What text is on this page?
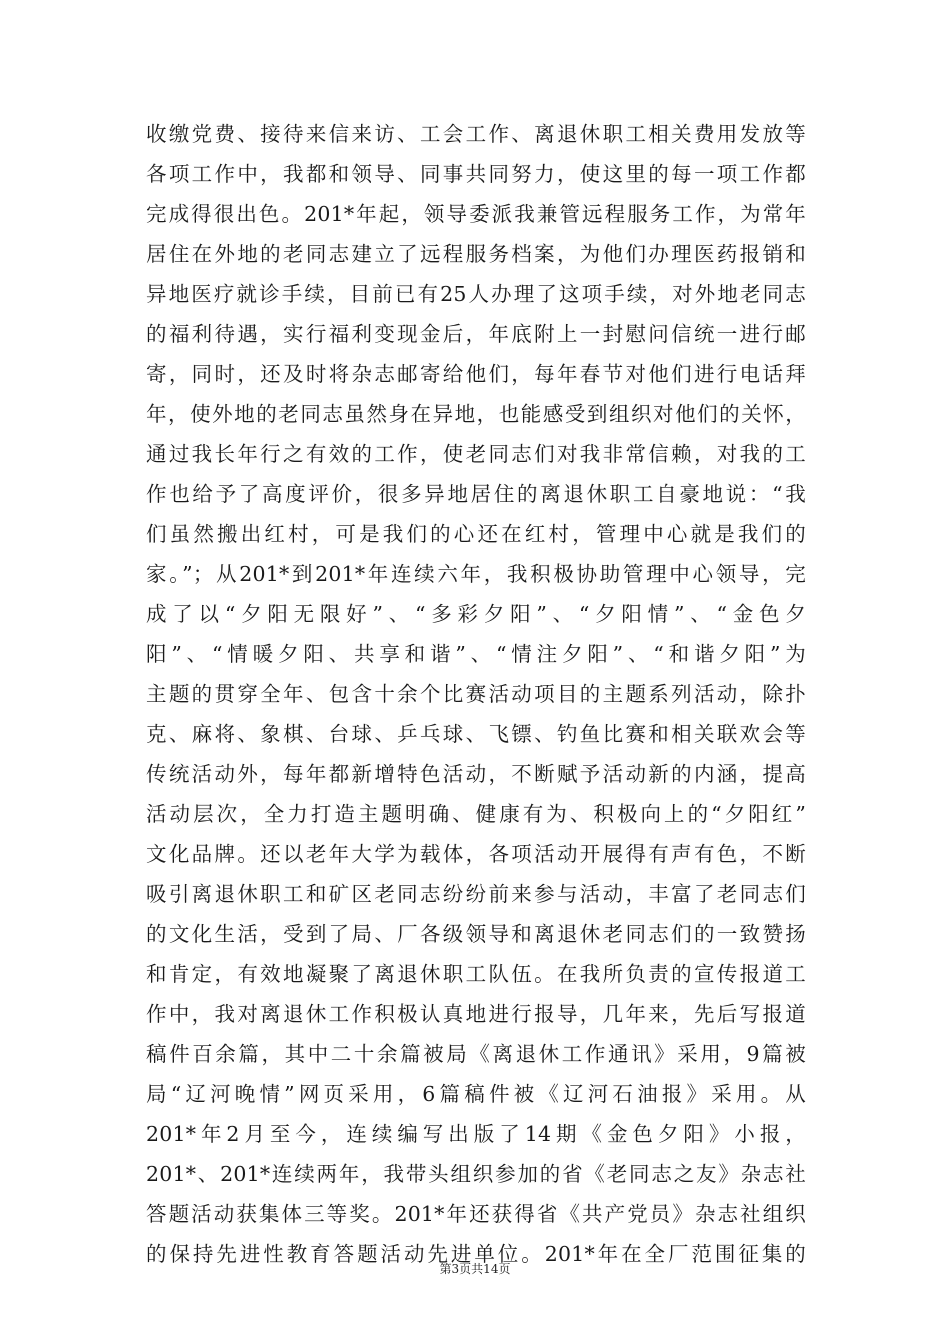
收缴党费、接待来信来访、工会工作、离退休职工相关费用发放等
各项工作中，我都和领导、同事共同努力，使这里的每一项工作都
完成得很出色。201*年起，领导委派我兼管远程服务工作，为常年
居住在外地的老同志建立了远程服务档案，为他们办理医药报销和
异地医疗就诊手续，目前已有25人办理了这项手续，对外地老同志
的福利待遇，实行福利变现金后，年底附上一封慰问信统一进行邮
寄，同时，还及时将杂志邮寄给他们，每年春节对他们进行电话拜
年，使外地的老同志虽然身在异地，也能感受到组织对他们的关怀，
通过我长年行之有效的工作，使老同志们对我非常信赖，对我的工
作也给予了高度评价，很多异地居住的离退休职工自豪地说：“我
们虽然搬出红村，可是我们的心还在红村，管理中心就是我们的
家。”；从201*到201*年连续六年，我积极协助管理中心领导，完
成了以“夕阳无限好”、“多彩夕阳”、“夕阳情”、“金色夕
阳”、“情暖夕阳、共享和谐”、“情注夕阳”、“和谐夕阳”为
主题的贯穿全年、包含十余个比赛活动项目的主题系列活动，除扑
克、麻将、象棋、台球、乒乓球、飞镖、钓鱼比赛和相关联欢会等
传统活动外，每年都新增特色活动，不断赋予活动新的内涵，提高
活动层次，全力打造主题明确、健康有为、积极向上的“夕阳红”
文化品牌。还以老年大学为载体，各项活动开展得有声有色，不断
吸引离退休职工和矿区老同志纷纷前来参与活动，丰富了老同志们
的文化生活，受到了局、厂各级领导和离退休老同志们的一致赞扬
和肯定，有效地凝聚了离退休职工队伍。在我所负责的宣传报道工
作中，我对离退休工作积极认真地进行报导，几年来，先后写报道
稿件百余篇，其中二十余篇被局《离退休工作通讯》采用，9篇被
局“辽河晚情”网页采用，6篇稿件被《辽河石油报》采用。从
201*年2月至今，连续编写出版了14期《金色夕阳》小报，
201*、201*连续两年，我带头组织参加的省《老同志之友》杂志社
答题活动获集体三等奖。201*年还获得省《共产党员》杂志社组织
的保持先进性教育答题活动先进单位。201*年在全厂范围征集的
第3页共14页
